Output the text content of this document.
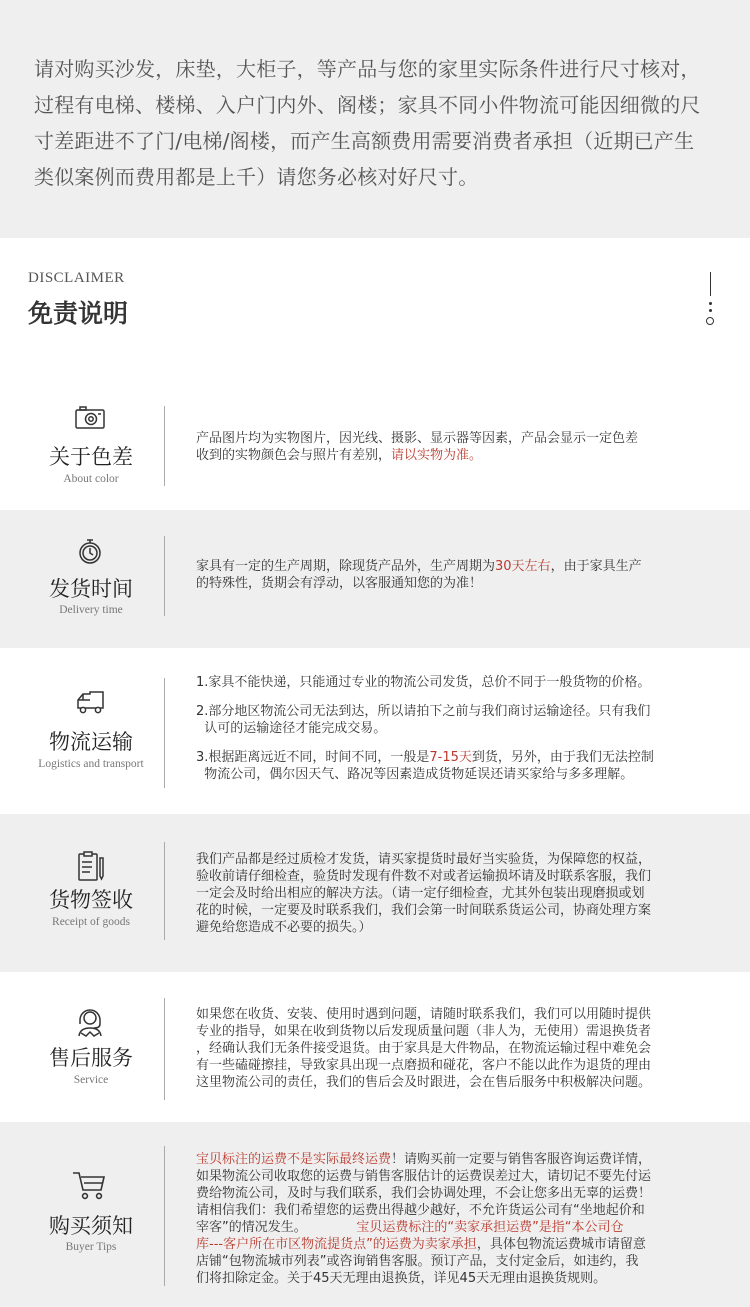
请对购买沙发，床垫，大柜子，等产品与您的家里实际条件进行尺寸核对，
过程有电梯、楼梯、入户门内外、阁楼；家具不同小件物流可能因细微的尺
寸差距进不了门/电梯/阁楼，而产生高额费用需要消费者承担（近期已产生
类似案例而费用都是上千）请您务必核对好尺寸。
DISCLAIMER
免责说明
关于色差
About color
产品图片均为实物图片，因光线、摄影、显示器等因素，产品会显示一定色差
收到的实物颜色会与照片有差别，请以实物为准。
发货时间
Delivery time
家具有一定的生产周期，除现货产品外，生产周期为30天左右，由于家具生产
的特殊性，货期会有浮动，以客服通知您的为准！
物流运输
Logistics and transport
1.家具不能快递，只能通过专业的物流公司发货，总价不同于一般货物的价格。
2.部分地区物流公司无法到达，所以请拍下之前与我们商讨运输途径。只有我们
认可的运输途径才能完成交易。
3.根据距离远近不同，时间不同，一般是7-15天到货，另外，由于我们无法控制
物流公司，偶尔因天气、路况等因素造成货物延误还请买家给与多多理解。
货物签收
Receipt of goods
我们产品都是经过质检才发货，请买家提货时最好当实验货，为保障您的权益，
验收前请仔细检查，验货时发现有件数不对或者运输损坏请及时联系客服，我们
一定会及时给出相应的解决方法。（请一定仔细检查，尤其外包装出现磨损或划
花的时候，一定要及时联系我们，我们会第一时间联系货运公司，协商处理方案
避免给您造成不必要的损失。）
售后服务
Service
如果您在收货、安装、使用时遇到问题，请随时联系我们，我们可以用随时提供
专业的指导，如果在收到货物以后发现质量问题（非人为，无使用）需退换货者
，经确认我们无条件接受退货。由于家具是大件物品，在物流运输过程中难免会
有一些磕碰擦挂，导致家具出现一点磨损和碰花，客户不能以此作为退货的理由
这里物流公司的责任，我们的售后会及时跟进，会在售后服务中积极解决问题。
购买须知
Buyer Tips
宝贝标注的运费不是实际最终运费！请购买前一定要与销售客服咨询运费详情，
如果物流公司收取您的运费与销售客服估计的运费误差过大，请切记不要先付运
费给物流公司，及时与我们联系，我们会协调处理，不会让您多出无辜的运费！
请相信我们：我们希望您的运费出得越少越好，不允许货运公司有“坐地起价和
宰客”的情况发生。            宝贝运费标注的“卖家承担运费”是指“本公司仓
库---客户所在市区物流提货点”的运费为卖家承担，具体包物流运费城市请留意
店铺“包物流城市列表”或咨询销售客服。预订产品，支付定金后，如违约，我
们将扣除定金。关于45天无理由退换货，详见45天无理由退换货规则。
